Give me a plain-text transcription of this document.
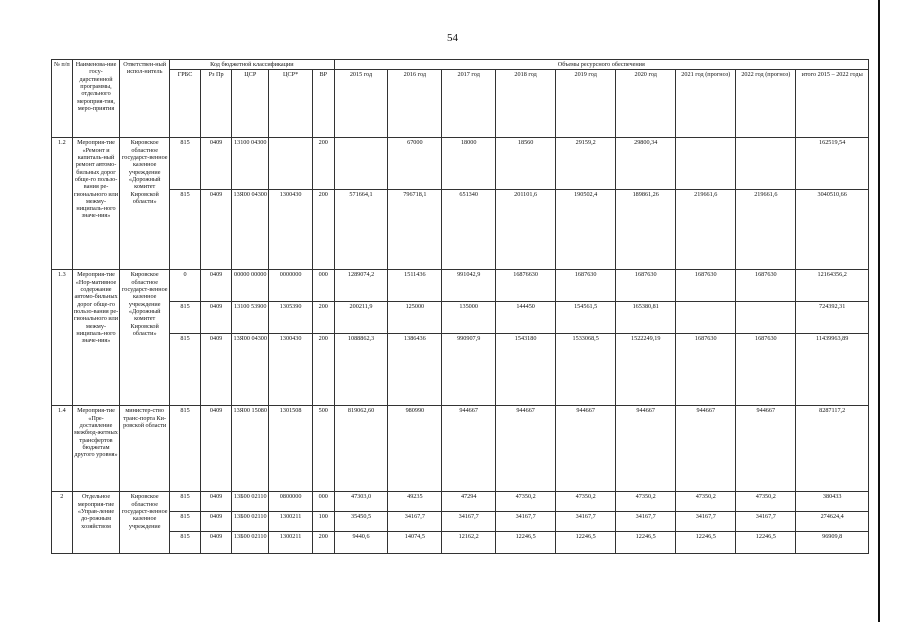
54
№ п/п	Наименова-ние госу-дарственной программы, отдельного мероприя-тия, меро-приятия	Ответствен-ный испол-нитель	Код бюджетной классификации					Объемы ресурсного обеспечения								
			ГРБС	Рз Пр	ЦСР	ЦСР*	ВР	2015 год	2016 год	2017 год	2018 год	2019 год	2020 год	2021 год (прогноз)	2022 год (прогноз)	итого 2015 – 2022 годы
1.2	Мероприя-тие «Ремонт и капиталь-ный ремонт автомо-бильных дорог обще-го пользо-вания ре-гионального или межму-ниципаль-ного значе-ния»	Кировское областное государст-венное казенное учреждение «Дорожный комитет Кировской области»	815	0409	13100 04300		200		67000	18000	18560	29159,2	29800,34			162519,54
			815	0409	13Я00 04300	1300430	200	571664,1	796718,1	651340	201101,6	190502,4	189861,26	219661,6	219661,6	3040510,66
1.3	Мероприя-тие «Нор-мативное содержание автомо-бильных дорог обще-го пользо-вания ре-гионального или межму-ниципаль-ного значе-ния»	Кировское областное государст-венное казенное учреждение «Дорожный комитет Кировской области»	0	0409	00000 00000	0000000	000	1289074,2	1511436	991042,9	16876630	1687630	1687630	1687630	1687630	12164356,2
			815	0409	13100 53900	1305390	200	200211,9	125000	135000	144450	154561,5	165380,81			724392,31
			815	0409	13Я00 04300	1300430	200	1088862,3	1386436	990907,9	1543180	1533068,5	1522249,19	1687630	1687630	11439963,89
1.4	Мероприя-тие «Пре-доставление межбюд-жетных трансфертов бюджетам другого уровня»	министер-ство транс-порта Ки-ровской области	815	0409	13Я00 15080	1301508	500	819062,60	980990	944667	944667	944667	944667	944667	944667	8287117,2
2	Отдельное мероприя-тие «Управ-ление до-рожным хозяйством	Кировское областное государст-венное казенное учреждение	815	0409	13Б00 02110	0800000	000	47303,0	49235	47294	47350,2	47350,2	47350,2	47350,2	47350,2	380433
			815	0409	13Б00 02110	1300211	100	35450,5	34167,7	34167,7	34167,7	34167,7	34167,7	34167,7	34167,7	274624,4
			815	0409	13Б00 02110	1300211	200	9440,6	14074,5	12162,2	12246,5	12246,5	12246,5	12246,5	12246,5	96909,8
